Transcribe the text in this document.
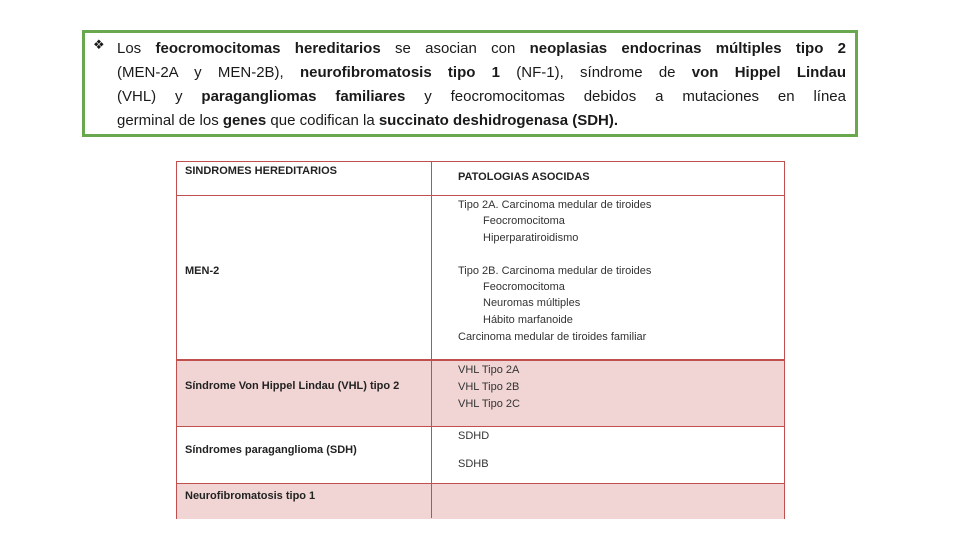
❖ Los feocromocitomas hereditarios se asocian con neoplasias endocrinas múltiples tipo 2
(MEN-2A y MEN-2B), neurofibromatosis tipo 1 (NF-1), síndrome de von Hippel Lindau
(VHL) y paragangliomas familiares y feocromocitomas debidos a mutaciones en línea
germinal de los genes que codifican la succinato deshidrogenasa (SDH).
SINDROMES HEREDITARIOS	PATOLOGIAS ASOCIDAS
MEN-2
Tipo 2A. Carcinoma medular de tiroides
Feocromocitoma
Hiperparatiroidismo
Tipo 2B. Carcinoma medular de tiroides
Feocromocitoma
Neuromas múltiples
Hábito marfanoide
Carcinoma medular de tiroides familiar
Síndrome Von Hippel Lindau (VHL) tipo 2
VHL Tipo 2A
VHL Tipo 2B
VHL Tipo 2C
Síndromes paraganglioma (SDH)
SDHD
SDHB
Neurofibromatosis tipo 1
